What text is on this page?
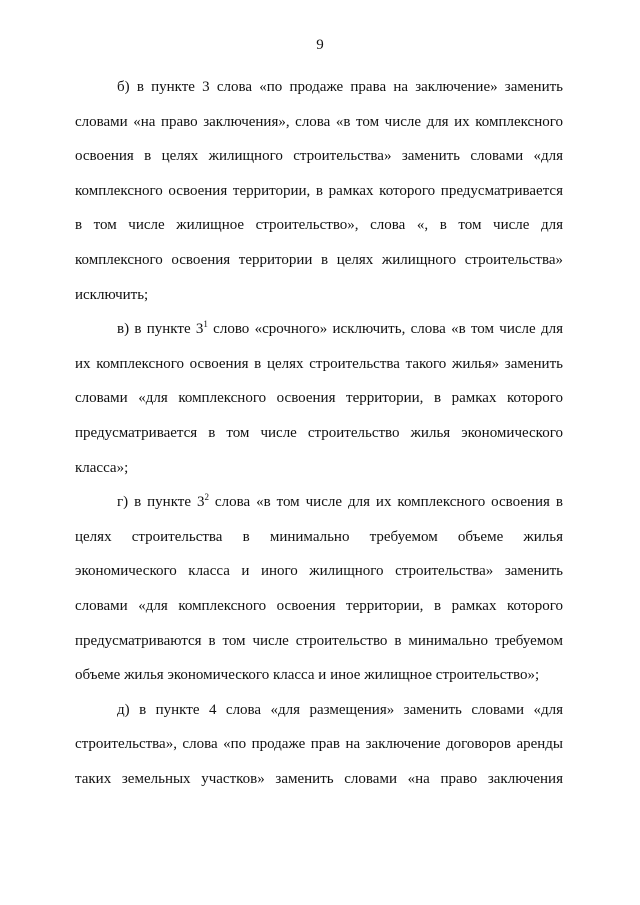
9
б) в пункте 3 слова «по продаже права на заключение» заменить
словами «на право заключения», слова «в том числе для их комплексного
освоения в целях жилищного строительства» заменить словами «для
комплексного освоения территории, в рамках которого предусматривается
в том числе жилищное строительство», слова «, в том числе для
комплексного освоения территории в целях жилищного строительства»
исключить;
в) в пункте $3^1$ слово «срочного» исключить, слова «в том числе для
их комплексного освоения в целях строительства такого жилья» заменить
словами «для комплексного освоения территории, в рамках которого
предусматривается в том числе строительство жилья экономического
класса»;
г) в пункте $3^2$ слова «в том числе для их комплексного освоения в
целях строительства в минимально требуемом объеме жилья
экономического класса и иного жилищного строительства» заменить
словами «для комплексного освоения территории, в рамках которого
предусматриваются в том числе строительство в минимально требуемом
объеме жилья экономического класса и иное жилищное строительство»;
д) в пункте 4 слова «для размещения» заменить словами «для
строительства», слова «по продаже прав на заключение договоров аренды
таких земельных участков» заменить словами «на право заключения
